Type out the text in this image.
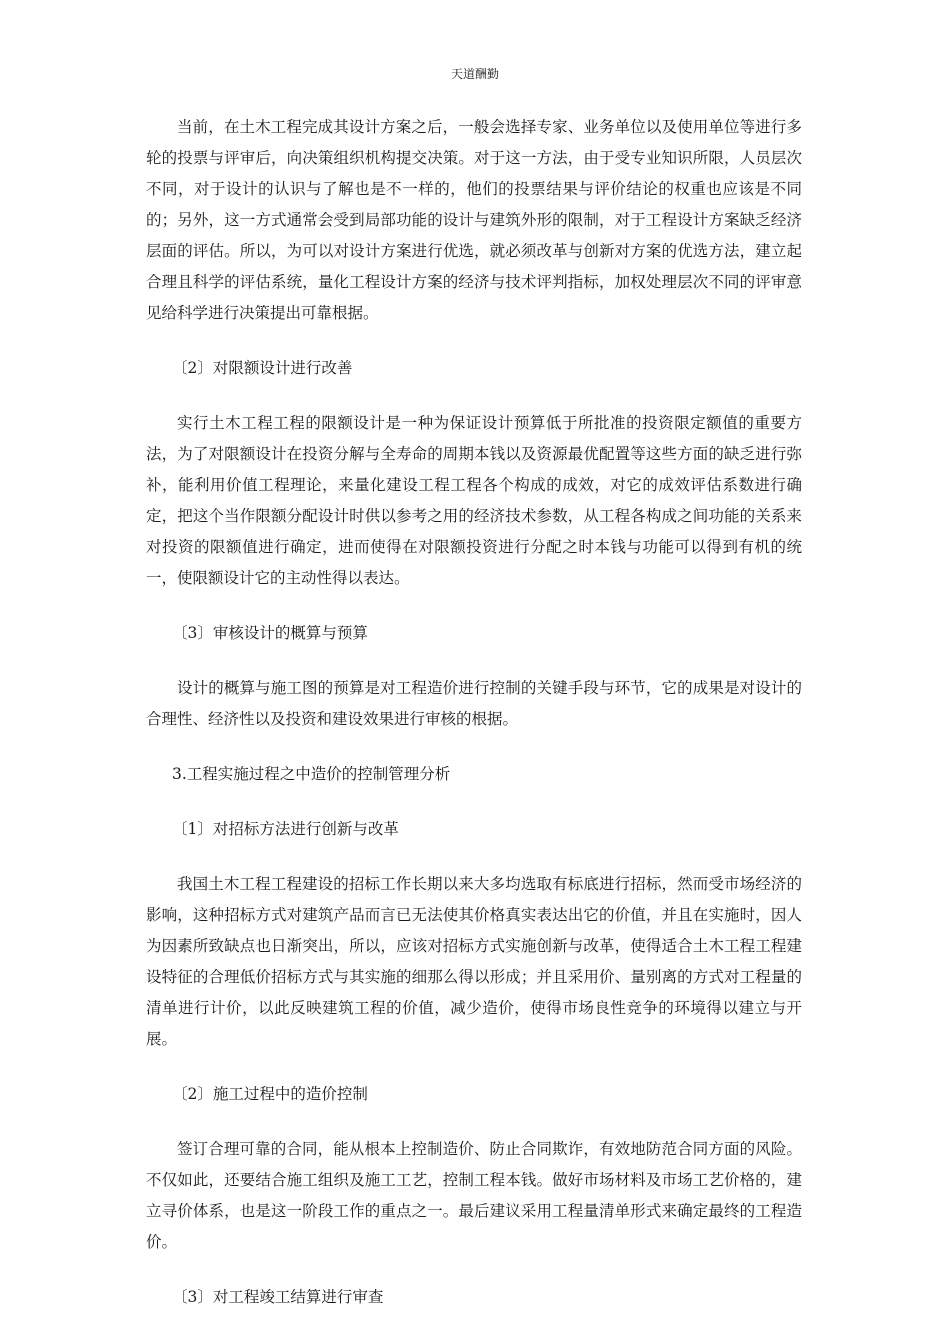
天道酬勤

当前，在土木工程完成其设计方案之后，一般会选择专家、业务单位以及使用单位等进行多轮的投票与评审后，向决策组织机构提交决策。对于这一方法，由于受专业知识所限，人员层次不同，对于设计的认识与了解也是不一样的，他们的投票结果与评价结论的权重也应该是不同的；另外，这一方式通常会受到局部功能的设计与建筑外形的限制，对于工程设计方案缺乏经济层面的评估。所以，为可以对设计方案进行优选，就必须改革与创新对方案的优选方法，建立起合理且科学的评估系统，量化工程设计方案的经济与技术评判指标，加权处理层次不同的评审意见给科学进行决策提出可靠根据。

〔2〕对限额设计进行改善

实行土木工程工程的限额设计是一种为保证设计预算低于所批准的投资限定额值的重要方法，为了对限额设计在投资分解与全寿命的周期本钱以及资源最优配置等这些方面的缺乏进行弥补，能利用价值工程理论，来量化建设工程工程各个构成的成效，对它的成效评估系数进行确定，把这个当作限额分配设计时供以参考之用的经济技术参数，从工程各构成之间功能的关系来对投资的限额值进行确定，进而使得在对限额投资进行分配之时本钱与功能可以得到有机的统一，使限额设计它的主动性得以表达。

〔3〕审核设计的概算与预算

设计的概算与施工图的预算是对工程造价进行控制的关键手段与环节，它的成果是对设计的合理性、经济性以及投资和建设效果进行审核的根据。

3.工程实施过程之中造价的控制管理分析
〔1〕对招标方法进行创新与改革

我国土木工程工程建设的招标工作长期以来大多均选取有标底进行招标，然而受市场经济的影响，这种招标方式对建筑产品而言已无法使其价格真实表达出它的价值，并且在实施时，因人为因素所致缺点也日渐突出，所以，应该对招标方式实施创新与改革，使得适合土木工程工程建设特征的合理低价招标方式与其实施的细那么得以形成；并且采用价、量别离的方式对工程量的清单进行计价，以此反映建筑工程的价值，减少造价，使得市场良性竞争的环境得以建立与开展。

〔2〕施工过程中的造价控制

签订合理可靠的合同，能从根本上控制造价、防止合同欺诈，有效地防范合同方面的风险。不仅如此，还要结合施工组织及施工工艺，控制工程本钱。做好市场材料及市场工艺价格的，建立寻价体系，也是这一阶段工作的重点之一。最后建议采用工程量清单形式来确定最终的工程造价。

〔3〕对工程竣工结算进行审查
